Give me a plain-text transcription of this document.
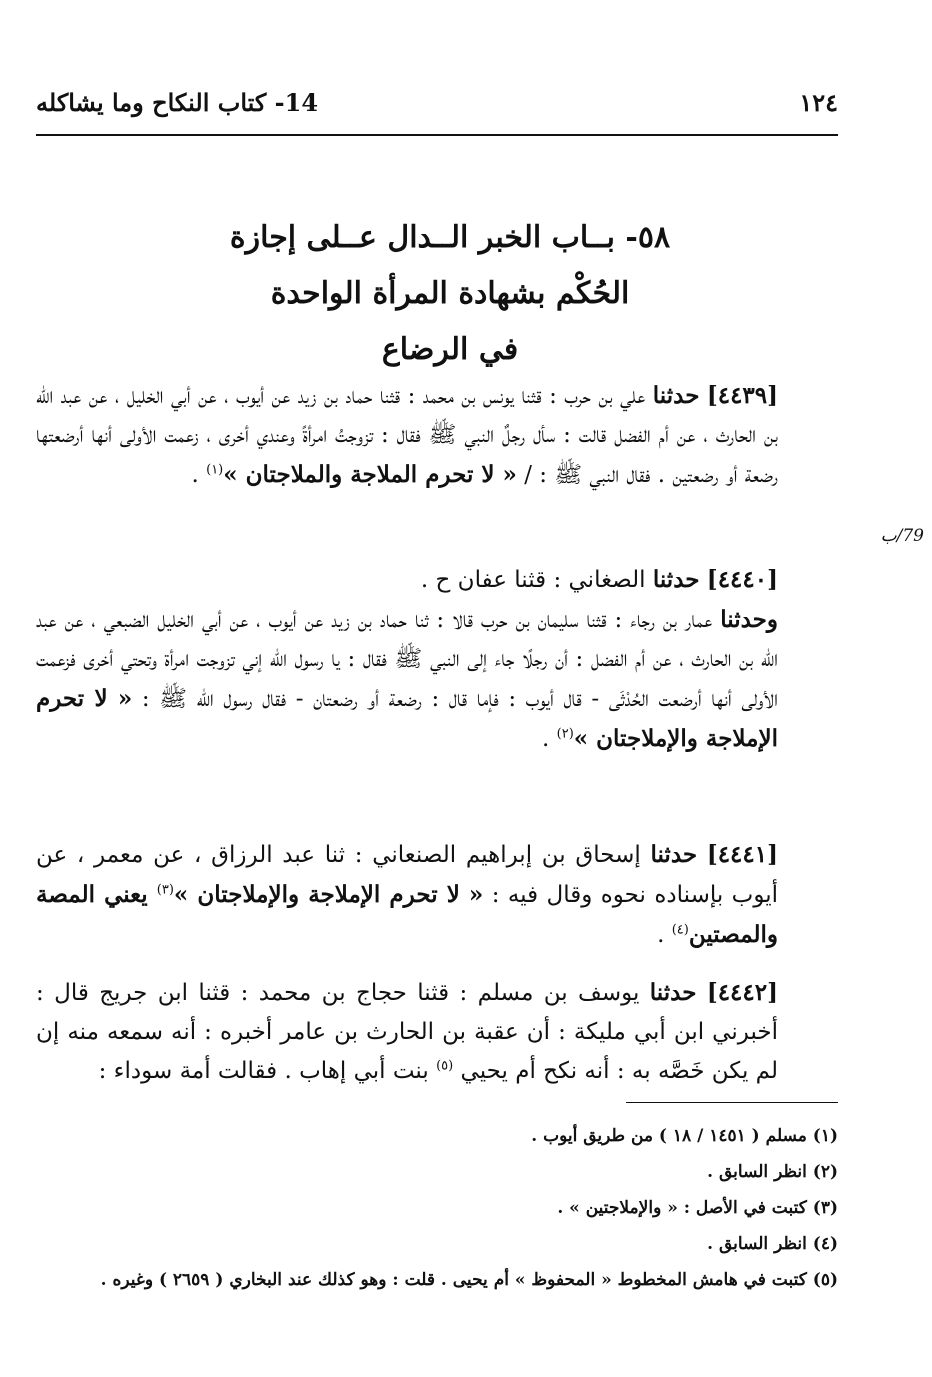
١٢٤
14- كتاب النكاح وما يشاكله
٥٨- بــاب الخبر الــدال عــلى إجازة
الحُكْم بشهادة المرأة الواحدة
في الرضاع

[٤٤٣٩] حدثنا علي بن حرب : قثنا يونس بن محمد : قثنا حماد بن زيد عن أيوب ، عن أبي الخليل ، عن عبد اللّه بن الحارث ، عن أم الفضل قالت : سأل رجلٌ النبي ﷺ فقال : تزوجتُ امرأةً وعندي أخرى ، زعمت الأولى أنها أرضعتها رضعة أو رضعتين . فقال النبي ﷺ : / « لا تحرم الملاجة والملاجتان »$^{(١)}$ .

79/ب

[٤٤٤٠] حدثنا الصغاني : قثنا عفان ح .

وحدثنا عمار بن رجاء : قثنا سليمان بن حرب قالا : ثنا حماد بن زيد عن أيوب ، عن أبي الخليل الضبعي ، عن عبد اللّه بن الحارث ، عن أم الفضل : أن رجلًا جاء إلى النبي ﷺ فقال : يا رسول اللّه إني تزوجت امرأة وتحتي أخرى فزعمت الأولى أنها أرضعت الحُدْثَى - قال أيوب : فإما قال : رضعة أو رضعتان - فقال رسول اللّه ﷺ : « لا تحرم الإملاجة والإملاجتان »$^{(٢)}$ .

[٤٤٤١] حدثنا إسحاق بن إبراهيم الصنعاني : ثنا عبد الرزاق ، عن معمر ، عن أيوب بإسناده نحوه وقال فيه : « لا تحرم الإملاجة والإملاجتان »$^{(٣)}$ يعني المصة والمصتين$^{(٤)}$ .

[٤٤٤٢] حدثنا يوسف بن مسلم : قثنا حجاج بن محمد : قثنا ابن جريج قال : أخبرني ابن أبي مليكة : أن عقبة بن الحارث بن عامر أخبره : أنه سمعه منه إن لم يكن خَصَّه به : أنه نكح أم يحيي $^{(٥)}$ بنت أبي إهاب . فقالت أمة سوداء :

(١) مسلم ( ١٤٥١ / ١٨ ) من طريق أيوب .
(٢) انظر السابق .
(٣) كتبت في الأصل : « والإملاجتين » .
(٤) انظر السابق .
(٥) كتبت في هامش المخطوط « المحفوظ » أم يحيى . قلت : وهو كذلك عند البخاري ( ٢٦٥٩ ) وغيره .
